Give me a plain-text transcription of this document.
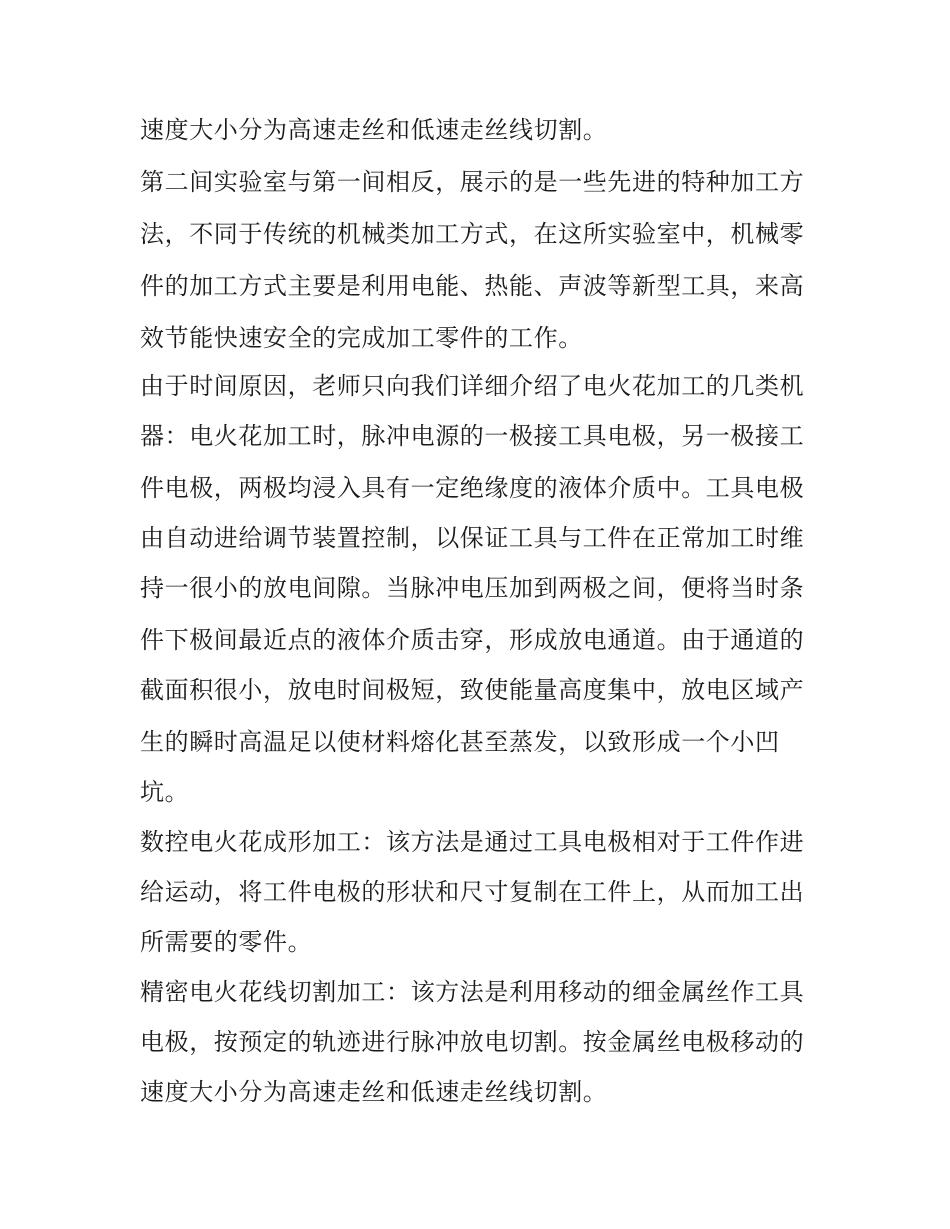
速度大小分为高速走丝和低速走丝线切割。

第二间实验室与第一间相反，展示的是一些先进的特种加工方

法，不同于传统的机械类加工方式，在这所实验室中，机械零

件的加工方式主要是利用电能、热能、声波等新型工具，来高

效节能快速安全的完成加工零件的工作。

由于时间原因，老师只向我们详细介绍了电火花加工的几类机

器：电火花加工时，脉冲电源的一极接工具电极，另一极接工

件电极，两极均浸入具有一定绝缘度的液体介质中。工具电极

由自动进给调节装置控制，以保证工具与工件在正常加工时维

持一很小的放电间隙。当脉冲电压加到两极之间，便将当时条

件下极间最近点的液体介质击穿，形成放电通道。由于通道的

截面积很小，放电时间极短，致使能量高度集中，放电区域产

生的瞬时高温足以使材料熔化甚至蒸发，以致形成一个小凹

坑。

数控电火花成形加工：该方法是通过工具电极相对于工件作进

给运动，将工件电极的形状和尺寸复制在工件上，从而加工出

所需要的零件。

精密电火花线切割加工：该方法是利用移动的细金属丝作工具

电极，按预定的轨迹进行脉冲放电切割。按金属丝电极移动的

速度大小分为高速走丝和低速走丝线切割。
